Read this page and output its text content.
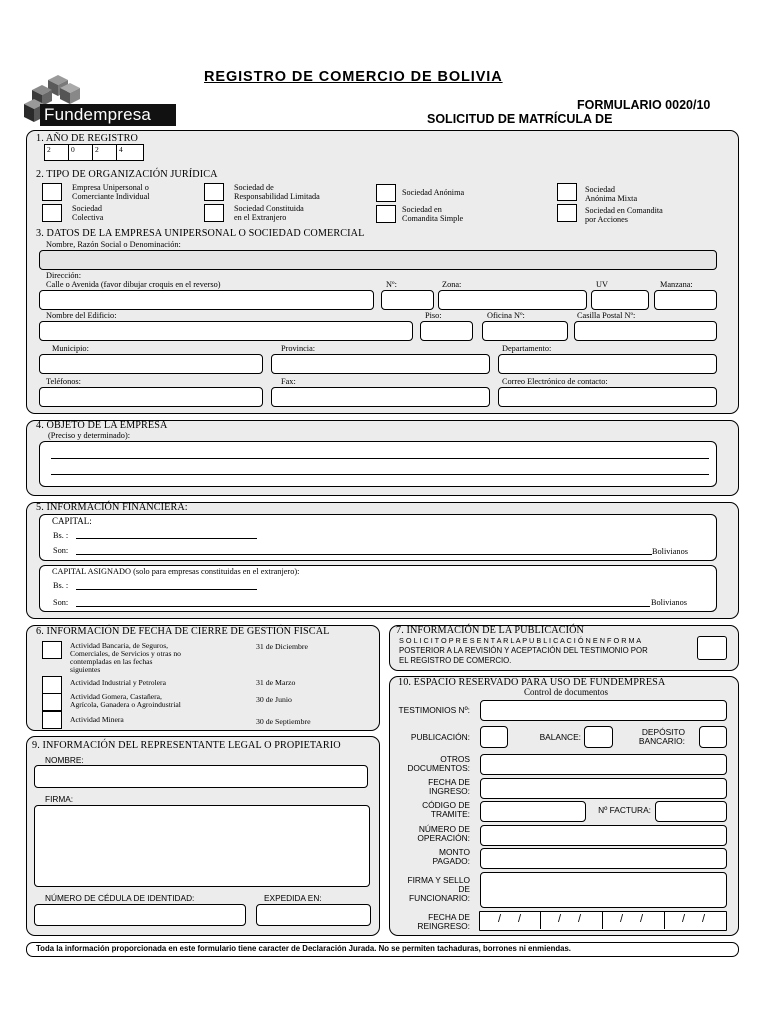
Fundempresa
REGISTRO DE COMERCIO DE BOLIVIA
FORMULARIO 0020/10
SOLICITUD DE MATRÍCULA DE
1. AÑO DE REGISTRO
2	0	2	4
2. TIPO DE ORGANIZACIÓN JURÍDICA
Empresa Unipersonal o
Comerciante Individual
Sociedad
Colectiva
Sociedad de
Responsabilidad Limitada
Sociedad Constituida
en el Extranjero
Sociedad Anónima
Sociedad en
Comandita Simple
Sociedad
Anónima Mixta
Sociedad en Comandita
por Acciones
3. DATOS DE LA EMPRESA UNIPERSONAL O SOCIEDAD COMERCIAL
Nombre, Razón Social o Denominación:
Dirección:
Calle o Avenida (favor dibujar croquis en el reverso)	Nº:	Zona:	UV	Manzana:
Nombre del Edificio:	Piso:	Oficina Nº:	Casilla Postal Nº:
Municipio:	Provincia:	Departamento:
Teléfonos:	Fax:	Correo Electrónico de contacto:
4. OBJETO DE LA EMPRESA
(Preciso y determinado):
5. INFORMACIÓN FINANCIERA:
CAPITAL:
Bs. :
Son:	Bolivianos
CAPITAL ASIGNADO (solo para empresas constituidas en el extranjero):
Bs. :
Son:	Bolivianos
6. INFORMACIÓN DE FECHA DE CIERRE DE GESTIÓN FISCAL
Actividad Bancaria, de Seguros,
Comerciales, de Servicios y otras no
contempladas en las fechas
siguientes
31 de Diciembre
Actividad Industrial y Petrolera	31 de Marzo
Actividad Gomera, Castañera,
Agrícola, Ganadera o Agroindustrial
30 de Junio
Actividad Minera	30 de Septiembre
7. INFORMACIÓN DE LA PUBLICACIÓN
S O L I C I T O P R E S E N T A R L A P U B L I C A C I Ó N E N F O R M A
POSTERIOR A LA REVISIÓN Y ACEPTACIÓN DEL TESTIMONIO POR
EL REGISTRO DE COMERCIO.
9. INFORMACIÓN DEL REPRESENTANTE LEGAL O PROPIETARIO
NOMBRE:
FIRMA:
NÚMERO DE CÉDULA DE IDENTIDAD:	EXPEDIDA EN:
10. ESPACIO RESERVADO PARA USO DE FUNDEMPRESA
Control de documentos
TESTIMONIOS Nº:
PUBLICACIÓN:	BALANCE:	DEPÓSITO
BANCARIO:
OTROS
DOCUMENTOS:
FECHA DE
INGRESO:
CÓDIGO DE
TRAMITE:	Nº FACTURA:
NÚMERO DE
OPERACIÓN:
MONTO
PAGADO:
FIRMA Y SELLO
DE
FUNCIONARIO:
FECHA DE
REINGRESO:
/ /	/ /	/ /	/ /
Toda la información proporcionada en este formulario tiene caracter de Declaración Jurada. No se permiten tachaduras, borrones ni enmiendas.
